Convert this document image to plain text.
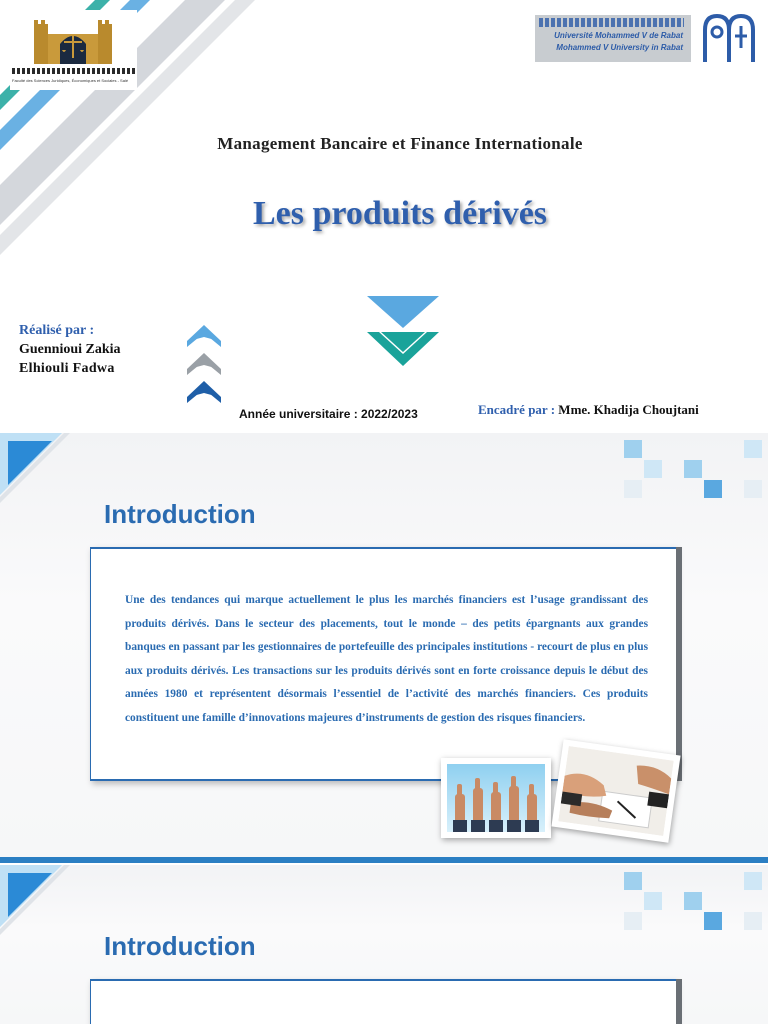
Faculté des Sciences Juridiques, Économiques et Sociales - Salé
Université Mohammed V de Rabat
Mohammed V University in Rabat
Management Bancaire et Finance Internationale
Les produits dérivés
Réalisé par :
Guennioui Zakia
Elhiouli Fadwa
Année universitaire : 2022/2023	Encadré par : Mme. Khadija Choujtani
Introduction
Une des tendances qui marque actuellement le plus les marchés financiers est l’usage grandissant des produits dérivés. Dans le secteur des placements, tout le monde – des petits épargnants aux grandes banques en passant par les gestionnaires de portefeuille des principales institutions - recourt de plus en plus aux produits dérivés. Les transactions sur les produits dérivés sont en forte croissance depuis le début des années 1980 et représentent désormais l’essentiel de l’activité des marchés financiers. Ces produits constituent une famille d’innovations majeures d’instruments de gestion des risques financiers.
Introduction
